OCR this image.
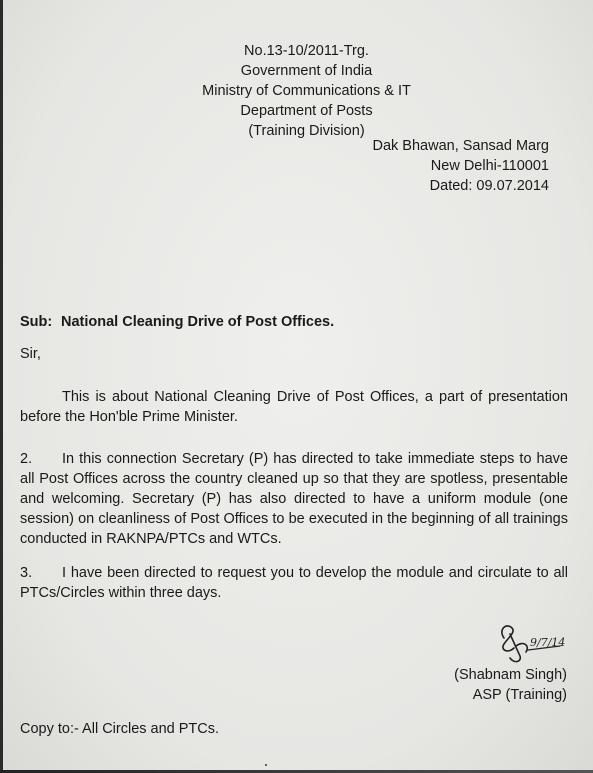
No.13-10/2011-Trg.
Government of India
Ministry of Communications & IT
Department of Posts
(Training Division)
Dak Bhawan, Sansad Marg
New Delhi-110001
Dated: 09.07.2014
Sub: National Cleaning Drive of Post Offices.
Sir,
This is about National Cleaning Drive of Post Offices, a part of presentation before the Hon'ble Prime Minister.
2. In this connection Secretary (P) has directed to take immediate steps to have all Post Offices across the country cleaned up so that they are spotless, presentable and welcoming. Secretary (P) has also directed to have a uniform module (one session) on cleanliness of Post Offices to be executed in the beginning of all trainings conducted in RAKNPA/PTCs and WTCs.
3. I have been directed to request you to develop the module and circulate to all PTCs/Circles within three days.
9/7/14
(Shabnam Singh)
ASP (Training)
Copy to:- All Circles and PTCs.
